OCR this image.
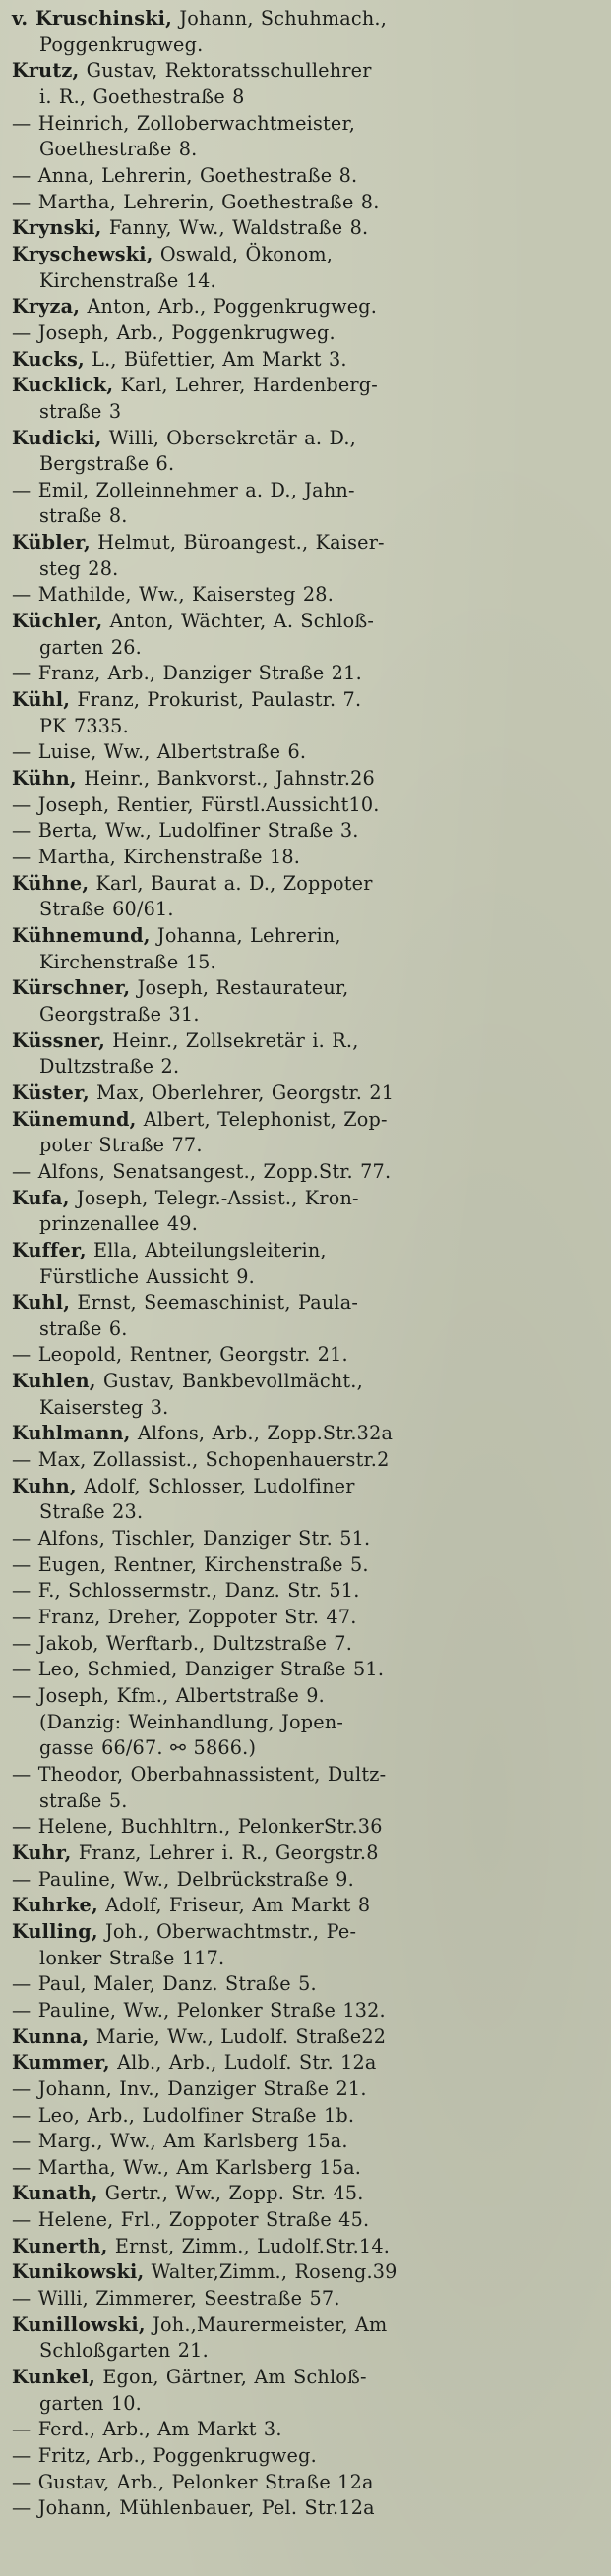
v. Kruschinski, Johann, Schuhmach.,
Poggenkrugweg.
Krutz, Gustav, Rektoratsschullehrer
i. R., Goethestraße 8
— Heinrich, Zolloberwachtmeister,
Goethestraße 8.
— Anna, Lehrerin, Goethestraße 8.
— Martha, Lehrerin, Goethestraße 8.
Krynski, Fanny, Ww., Waldstraße 8.
Kryschewski, Oswald, Ökonom,
Kirchenstraße 14.
Kryza, Anton, Arb., Poggenkrugweg.
— Joseph, Arb., Poggenkrugweg.
Kucks, L., Büfettier, Am Markt 3.
Kucklick, Karl, Lehrer, Hardenberg-
straße 3
Kudicki, Willi, Obersekretär a. D.,
Bergstraße 6.
— Emil, Zolleinnehmer a. D., Jahn-
straße 8.
Kübler, Helmut, Büroangest., Kaiser-
steg 28.
— Mathilde, Ww., Kaisersteg 28.
Küchler, Anton, Wächter, A. Schloß-
garten 26.
— Franz, Arb., Danziger Straße 21.
Kühl, Franz, Prokurist, Paulastr. 7.
PK 7335.
— Luise, Ww., Albertstraße 6.
Kühn, Heinr., Bankvorst., Jahnstr.26
— Joseph, Rentier, Fürstl.Aussicht10.
— Berta, Ww., Ludolfiner Straße 3.
— Martha, Kirchenstraße 18.
Kühne, Karl, Baurat a. D., Zoppoter
Straße 60/61.
Kühnemund, Johanna, Lehrerin,
Kirchenstraße 15.
Kürschner, Joseph, Restaurateur,
Georgstraße 31.
Küssner, Heinr., Zollsekretär i. R.,
Dultzstraße 2.
Küster, Max, Oberlehrer, Georgstr. 21
Künemund, Albert, Telephonist, Zop-
poter Straße 77.
— Alfons, Senatsangest., Zopp.Str. 77.
Kufa, Joseph, Telegr.-Assist., Kron-
prinzenallee 49.
Kuffer, Ella, Abteilungsleiterin,
Fürstliche Aussicht 9.
Kuhl, Ernst, Seemaschinist, Paula-
straße 6.
— Leopold, Rentner, Georgstr. 21.
Kuhlen, Gustav, Bankbevollmächt.,
Kaisersteg 3.
Kuhlmann, Alfons, Arb., Zopp.Str.32a
— Max, Zollassist., Schopenhauerstr.2
Kuhn, Adolf, Schlosser, Ludolfiner
Straße 23.
— Alfons, Tischler, Danziger Str. 51.
— Eugen, Rentner, Kirchenstraße 5.
— F., Schlossermstr., Danz. Str. 51.
— Franz, Dreher, Zoppoter Str. 47.
— Jakob, Werftarb., Dultzstraße 7.
— Leo, Schmied, Danziger Straße 51.
— Joseph, Kfm., Albertstraße 9.
(Danzig: Weinhandlung, Jopen-
gasse 66/67. ⚯ 5866.)
— Theodor, Oberbahnassistent, Dultz-
straße 5.
— Helene, Buchhltrn., PelonkerStr.36
Kuhr, Franz, Lehrer i. R., Georgstr.8
— Pauline, Ww., Delbrückstraße 9.
Kuhrke, Adolf, Friseur, Am Markt 8
Kulling, Joh., Oberwachtmstr., Pe-
lonker Straße 117.
— Paul, Maler, Danz. Straße 5.
— Pauline, Ww., Pelonker Straße 132.
Kunna, Marie, Ww., Ludolf. Straße22
Kummer, Alb., Arb., Ludolf. Str. 12a
— Johann, Inv., Danziger Straße 21.
— Leo, Arb., Ludolfiner Straße 1b.
— Marg., Ww., Am Karlsberg 15a.
— Martha, Ww., Am Karlsberg 15a.
Kunath, Gertr., Ww., Zopp. Str. 45.
— Helene, Frl., Zoppoter Straße 45.
Kunerth, Ernst, Zimm., Ludolf.Str.14.
Kunikowski, Walter,Zimm., Roseng.39
— Willi, Zimmerer, Seestraße 57.
Kunillowski, Joh.,Maurermeister, Am
Schloßgarten 21.
Kunkel, Egon, Gärtner, Am Schloß-
garten 10.
— Ferd., Arb., Am Markt 3.
— Fritz, Arb., Poggenkrugweg.
— Gustav, Arb., Pelonker Straße 12a
— Johann, Mühlenbauer, Pel. Str.12a
